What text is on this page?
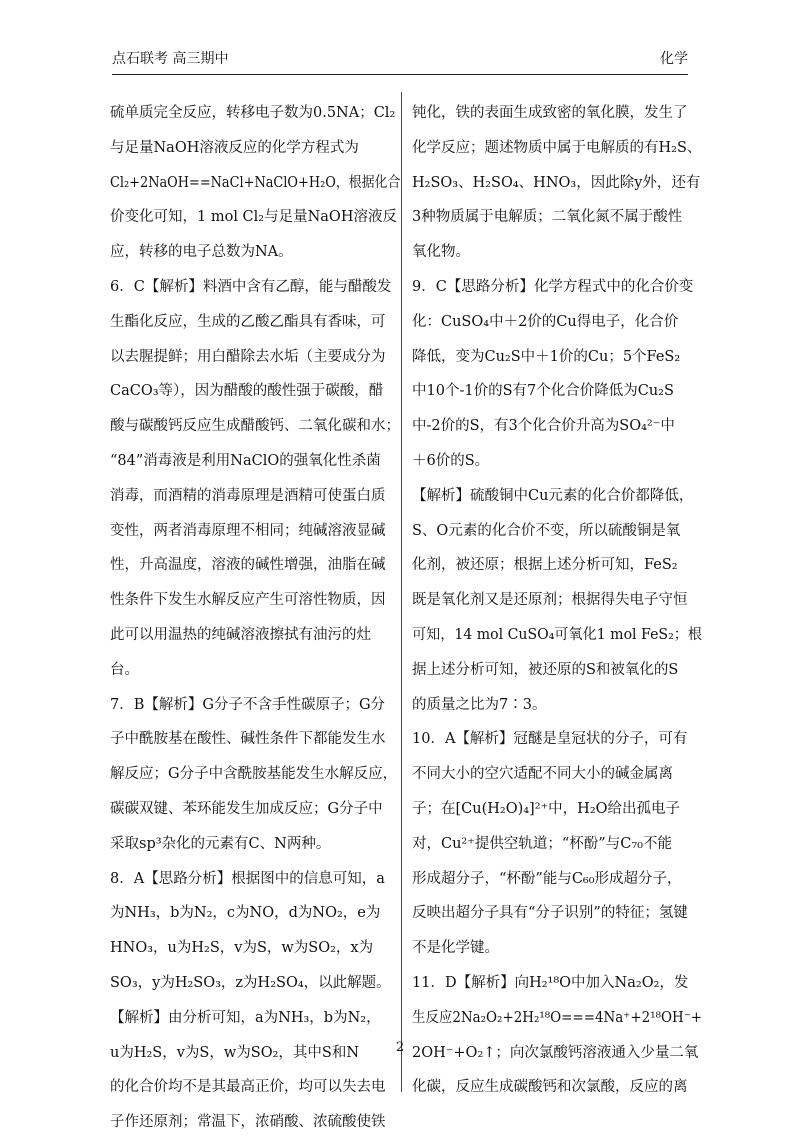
点石联考 高三期中	化学
硫单质完全反应，转移电子数为0.5NA；Cl₂
与足量NaOH溶液反应的化学方程式为
Cl₂+2NaOH==NaCl+NaClO+H₂O，根据化合
价变化可知，1 mol Cl₂与足量NaOH溶液反
应，转移的电子总数为NA。
6．C【解析】料酒中含有乙醇，能与醋酸发
生酯化反应，生成的乙酸乙酯具有香味，可
以去腥提鲜；用白醋除去水垢（主要成分为
CaCO₃等），因为醋酸的酸性强于碳酸，醋
酸与碳酸钙反应生成醋酸钙、二氧化碳和水；
“84”消毒液是利用NaClO的强氧化性杀菌
消毒，而酒精的消毒原理是酒精可使蛋白质
变性，两者消毒原理不相同；纯碱溶液显碱
性，升高温度，溶液的碱性增强，油脂在碱
性条件下发生水解反应产生可溶性物质，因
此可以用温热的纯碱溶液擦拭有油污的灶
台。
7．B【解析】G分子不含手性碳原子；G分
子中酰胺基在酸性、碱性条件下都能发生水
解反应；G分子中含酰胺基能发生水解反应，
碳碳双键、苯环能发生加成反应；G分子中
采取sp³杂化的元素有C、N两种。
8．A【思路分析】根据图中的信息可知，a
为NH₃，b为N₂，c为NO，d为NO₂，e为
HNO₃，u为H₂S，v为S，w为SO₂，x为
SO₃，y为H₂SO₃，z为H₂SO₄，以此解题。
【解析】由分析可知，a为NH₃，b为N₂，
u为H₂S，v为S，w为SO₂，其中S和N
的化合价均不是其最高正价，均可以失去电
子作还原剂；常温下，浓硝酸、浓硫酸使铁
钝化，铁的表面生成致密的氧化膜，发生了
化学反应；题述物质中属于电解质的有H₂S、
H₂SO₃、H₂SO₄、HNO₃，因此除y外，还有
3种物质属于电解质；二氧化氮不属于酸性
氧化物。
9．C【思路分析】化学方程式中的化合价变
化：CuSO₄中＋2价的Cu得电子，化合价
降低，变为Cu₂S中＋1价的Cu；5个FeS₂
中10个-1价的S有7个化合价降低为Cu₂S
中-2价的S，有3个化合价升高为SO₄²⁻中
＋6价的S。
【解析】硫酸铜中Cu元素的化合价都降低，
S、O元素的化合价不变，所以硫酸铜是氧
化剂，被还原；根据上述分析可知，FeS₂
既是氧化剂又是还原剂；根据得失电子守恒
可知，14 mol CuSO₄可氧化1 mol FeS₂；根
据上述分析可知，被还原的S和被氧化的S
的质量之比为7∶3。
10．A【解析】冠醚是皇冠状的分子，可有
不同大小的空穴适配不同大小的碱金属离
子；在[Cu(H₂O)₄]²⁺中，H₂O给出孤电子
对，Cu²⁺提供空轨道；“杯酚”与C₇₀不能
形成超分子，“杯酚”能与C₆₀形成超分子，
反映出超分子具有“分子识别”的特征；氢键
不是化学键。
11．D【解析】向H₂¹⁸O中加入Na₂O₂，发
生反应2Na₂O₂+2H₂¹⁸O===4Na⁺+2¹⁸OH⁻+
2OH⁻+O₂↑；向次氯酸钙溶液通入少量二氧
化碳，反应生成碳酸钙和次氯酸，反应的离
2
